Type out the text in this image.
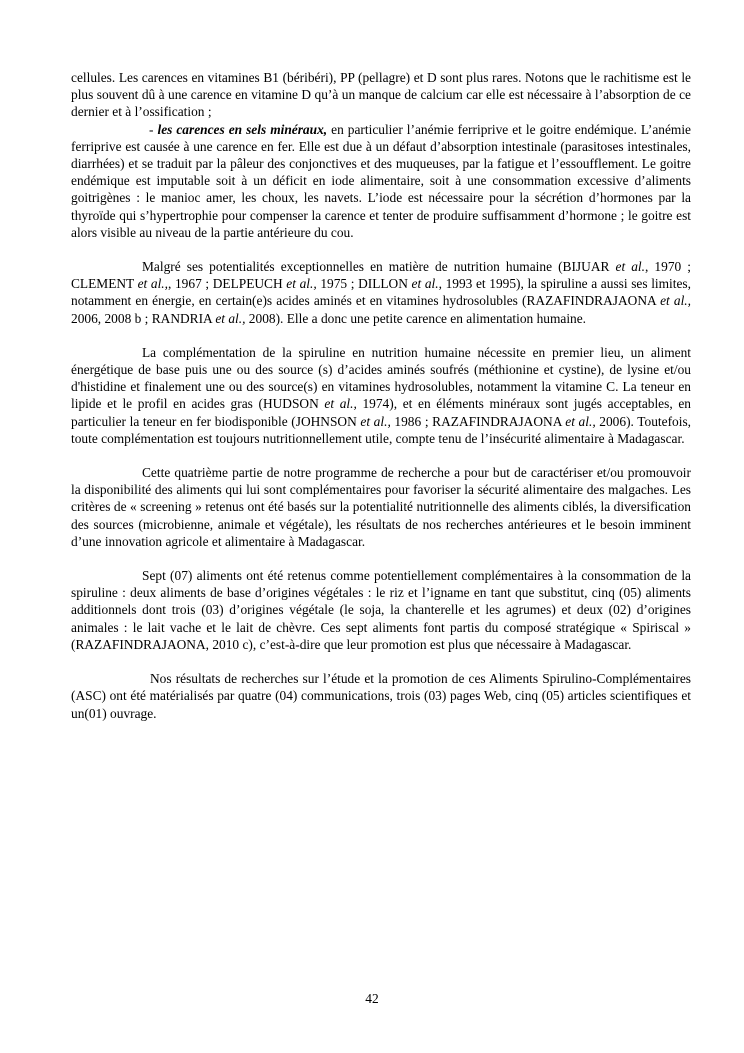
cellules. Les carences en vitamines B1 (béribéri), PP (pellagre) et D sont plus rares. Notons que le rachitisme est le plus souvent dû à une carence en vitamine D qu’à un manque de calcium car elle est nécessaire à l’absorption de ce dernier et à l’ossification ;

- les carences en sels minéraux, en particulier l’anémie ferriprive et le goitre endémique. L’anémie ferriprive est causée à une carence en fer. Elle est due à un défaut d’absorption intestinale (parasitoses intestinales, diarrhées) et se traduit par la pâleur des conjonctives et des muqueuses, par la fatigue et l’essoufflement. Le goitre endémique est imputable soit à un déficit en iode alimentaire, soit à une consommation excessive d’aliments goitrigènes : le manioc amer, les choux, les navets. L’iode est nécessaire pour la sécrétion d’hormones par la thyroïde qui s’hypertrophie pour compenser la carence et tenter de produire suffisamment d’hormone ; le goitre est alors visible au niveau de la partie antérieure du cou.

Malgré ses potentialités exceptionnelles en matière de nutrition humaine (BIJUAR et al., 1970 ; CLEMENT et al.,, 1967 ; DELPEUCH et al., 1975 ; DILLON et al., 1993 et 1995), la spiruline a aussi ses limites, notamment en énergie, en certain(e)s acides aminés et en vitamines hydrosolubles (RAZAFINDRAJAONA et al., 2006, 2008 b ; RANDRIA et al., 2008). Elle a donc une petite carence en alimentation humaine.

La complémentation de la spiruline en nutrition humaine nécessite en premier lieu, un aliment énergétique de base puis une ou des source (s) d’acides aminés soufrés (méthionine et cystine), de lysine et/ou d'histidine et finalement une ou des source(s) en vitamines hydrosolubles, notamment la vitamine C. La teneur en lipide et le profil en acides gras (HUDSON et al., 1974), et en éléments minéraux sont jugés acceptables, en particulier la teneur en fer biodisponible (JOHNSON et al., 1986 ; RAZAFINDRAJAONA et al., 2006). Toutefois, toute complémentation est toujours nutritionnellement utile, compte tenu de l’insécurité alimentaire à Madagascar.

Cette quatrième partie de notre programme de recherche a pour but de caractériser et/ou promouvoir la disponibilité des aliments qui lui sont complémentaires pour favoriser la sécurité alimentaire des malgaches. Les critères de « screening » retenus ont été basés sur la potentialité nutritionnelle des aliments ciblés, la diversification des sources (microbienne, animale et végétale), les résultats de nos recherches antérieures et le besoin imminent d’une innovation agricole et alimentaire à Madagascar.

Sept (07) aliments ont été retenus comme potentiellement complémentaires à la consommation de la spiruline : deux aliments de base d’origines végétales : le riz et l’igname en tant que substitut, cinq (05) aliments additionnels dont trois (03) d’origines végétale (le soja, la chanterelle et les agrumes) et deux (02) d’origines animales : le lait vache et le lait de chèvre. Ces sept aliments font partis du composé stratégique « Spiriscal » (RAZAFINDRAJAONA, 2010 c), c’est-à-dire que leur promotion est plus que nécessaire à Madagascar.

Nos résultats de recherches sur l’étude et la promotion de ces Aliments Spirulino-Complémentaires (ASC) ont été matérialisés par quatre (04) communications, trois (03) pages Web, cinq (05) articles scientifiques et un(01) ouvrage.

42
